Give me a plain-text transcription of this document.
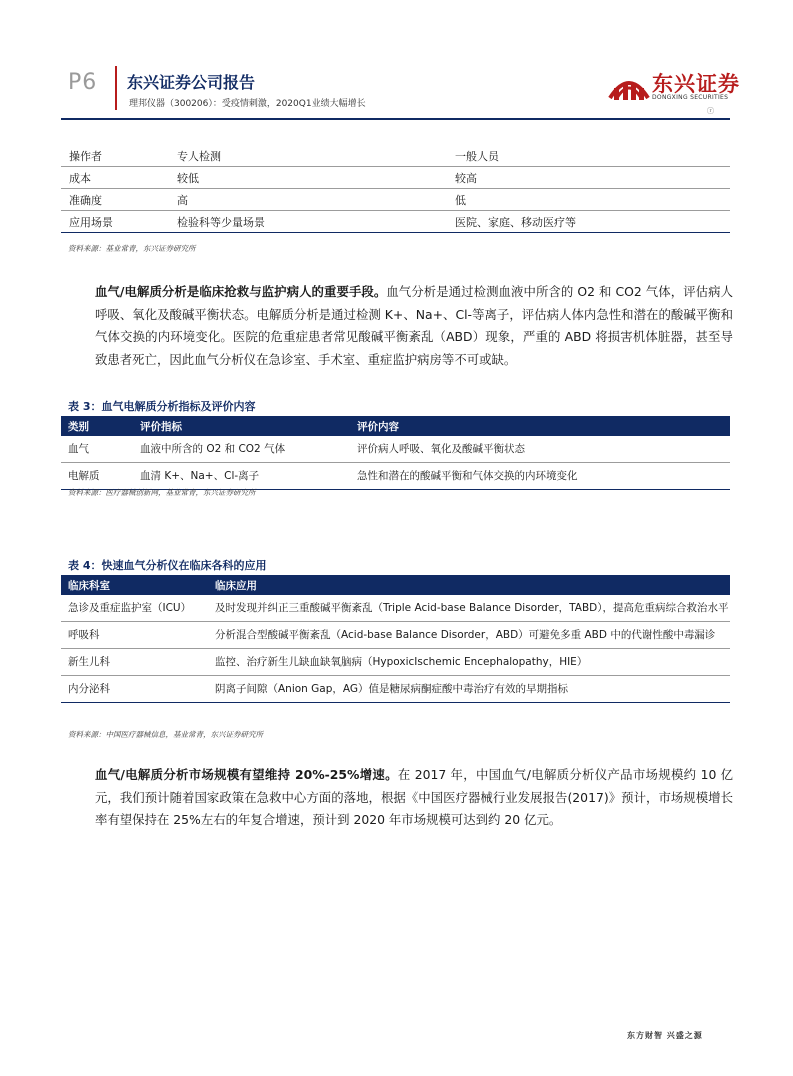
P6 东兴证券公司报告
理邦仪器（300206）：受疫情刺激，2020Q1业绩大幅增长
东兴证券
DONGXING SECURITIES
ⓡ
操作者	专人检测	一般人员
成本	较低	较高
准确度	高	低
应用场景	检验科等少量场景	医院、家庭、移动医疗等
资料来源：基业常青，东兴证券研究所
血气/电解质分析是临床抢救与监护病人的重要手段。血气分析是通过检测血液中所含的 O2 和 CO2 气体，评估病人呼吸、氧化及酸碱平衡状态。电解质分析是通过检测 K+、Na+、Cl-等离子，评估病人体内急性和潜在的酸碱平衡和气体交换的内环境变化。医院的危重症患者常见酸碱平衡紊乱（ABD）现象，严重的 ABD 将损害机体脏器，甚至导致患者死亡，因此血气分析仪在急诊室、手术室、重症监护病房等不可或缺。
表 3：血气电解质分析指标及评价内容
类别	评价指标	评价内容
血气	血液中所含的 O2 和 CO2 气体	评价病人呼吸、氧化及酸碱平衡状态
电解质	血清 K+、Na+、Cl-离子	急性和潜在的酸碱平衡和气体交换的内环境变化
资料来源：医疗器械创新网，基业常青，东兴证券研究所
表 4：快速血气分析仪在临床各科的应用
临床科室	临床应用
急诊及重症监护室（ICU）	及时发现并纠正三重酸碱平衡紊乱（Triple Acid-base Balance Disorder，TABD），提高危重病综合救治水平
呼吸科	分析混合型酸碱平衡紊乱（Acid-base Balance Disorder，ABD）可避免多重 ABD 中的代谢性酸中毒漏诊
新生儿科	监控、治疗新生儿缺血缺氧脑病（HypoxicIschemic Encephalopathy，HIE）
内分泌科	阴离子间隙（Anion Gap，AG）值是糖尿病酮症酸中毒治疗有效的早期指标
资料来源：中国医疗器械信息，基业常青，东兴证券研究所
血气/电解质分析市场规模有望维持 20%-25%增速。在 2017 年，中国血气/电解质分析仪产品市场规模约 10 亿元，我们预计随着国家政策在急救中心方面的落地，根据《中国医疗器械行业发展报告(2017)》预计，市场规模增长率有望保持在 25%左右的年复合增速，预计到 2020 年市场规模可达到约 20 亿元。
东方财智 兴盛之源
